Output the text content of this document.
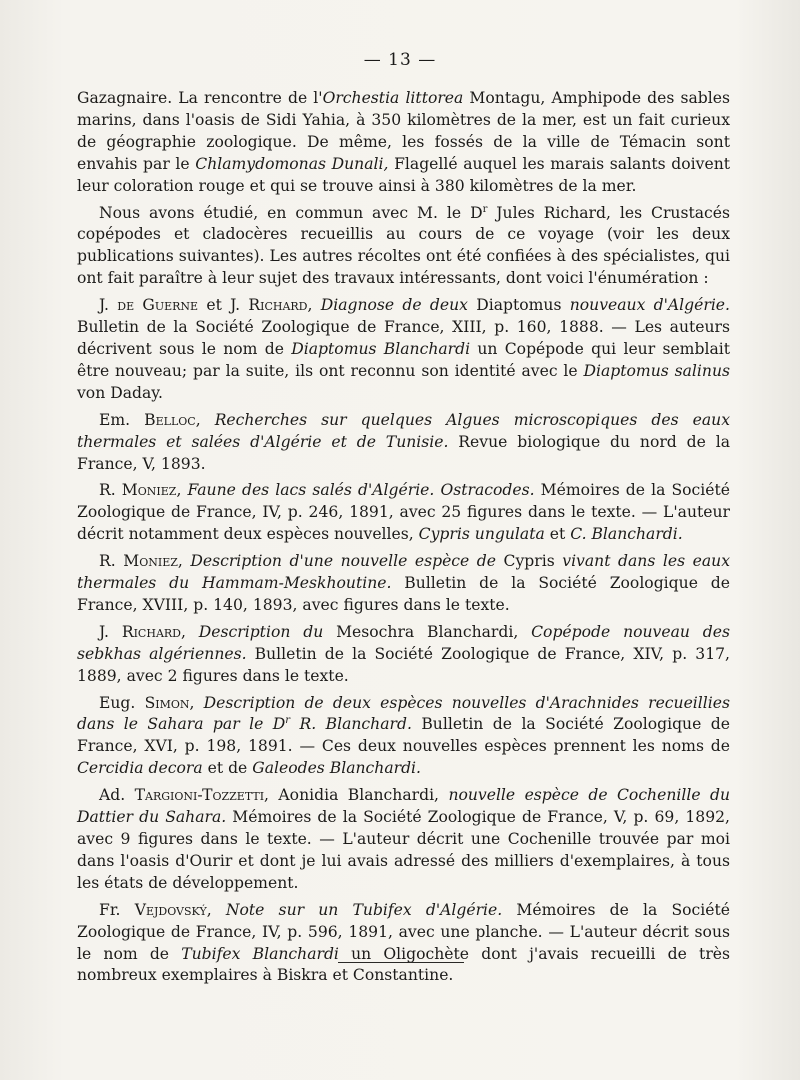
— 13 —

Gazagnaire. La rencontre de l'Orchestia littorea Montagu, Amphipode des sables marins, dans l'oasis de Sidi Yahia, à 350 kilomètres de la mer, est un fait curieux de géographie zoologique. De même, les fossés de la ville de Témacin sont envahis par le Chlamydomonas Dunali, Flagellé auquel les marais salants doivent leur coloration rouge et qui se trouve ainsi à 380 kilomètres de la mer.

Nous avons étudié, en commun avec M. le $D^r$ Jules Richard, les Crustacés copépodes et cladocères recueillis au cours de ce voyage (voir les deux publications suivantes). Les autres récoltes ont été confiées à des spécialistes, qui ont fait paraître à leur sujet des travaux intéressants, dont voici l'énumération :

J. de Guerne et J. Richard, Diagnose de deux Diaptomus nouveaux d'Algérie. Bulletin de la Société Zoologique de France, XIII, p. 160, 1888. — Les auteurs décrivent sous le nom de Diaptomus Blanchardi un Copépode qui leur semblait être nouveau; par la suite, ils ont reconnu son identité avec le Diaptomus salinus von Daday.

Em. Belloc, Recherches sur quelques Algues microscopiques des eaux thermales et salées d'Algérie et de Tunisie. Revue biologique du nord de la France, V, 1893.

R. Moniez, Faune des lacs salés d'Algérie. Ostracodes. Mémoires de la Société Zoologique de France, IV, p. 246, 1891, avec 25 figures dans le texte. — L'auteur décrit notamment deux espèces nouvelles, Cypris ungulata et C. Blanchardi.

R. Moniez, Description d'une nouvelle espèce de Cypris vivant dans les eaux thermales du Hammam-Meskhoutine. Bulletin de la Société Zoologique de France, XVIII, p. 140, 1893, avec figures dans le texte.

J. Richard, Description du Mesochra Blanchardi, Copépode nouveau des sebkhas algériennes. Bulletin de la Société Zoologique de France, XIV, p. 317, 1889, avec 2 figures dans le texte.

Eug. Simon, Description de deux espèces nouvelles d'Arachnides recueillies dans le Sahara par le $D^r$ R. Blanchard. Bulletin de la Société Zoologique de France, XVI, p. 198, 1891. — Ces deux nouvelles espèces prennent les noms de Cercidia decora et de Galeodes Blanchardi.

Ad. Targioni-Tozzetti, Aonidia Blanchardi, nouvelle espèce de Cochenille du Dattier du Sahara. Mémoires de la Société Zoologique de France, V, p. 69, 1892, avec 9 figures dans le texte. — L'auteur décrit une Cochenille trouvée par moi dans l'oasis d'Ourir et dont je lui avais adressé des milliers d'exemplaires, à tous les états de développement.

Fr. Vejdovský, Note sur un Tubifex d'Algérie. Mémoires de la Société Zoologique de France, IV, p. 596, 1891, avec une planche. — L'auteur décrit sous le nom de Tubifex Blanchardi un Oligochète dont j'avais recueilli de très nombreux exemplaires à Biskra et Constantine.
